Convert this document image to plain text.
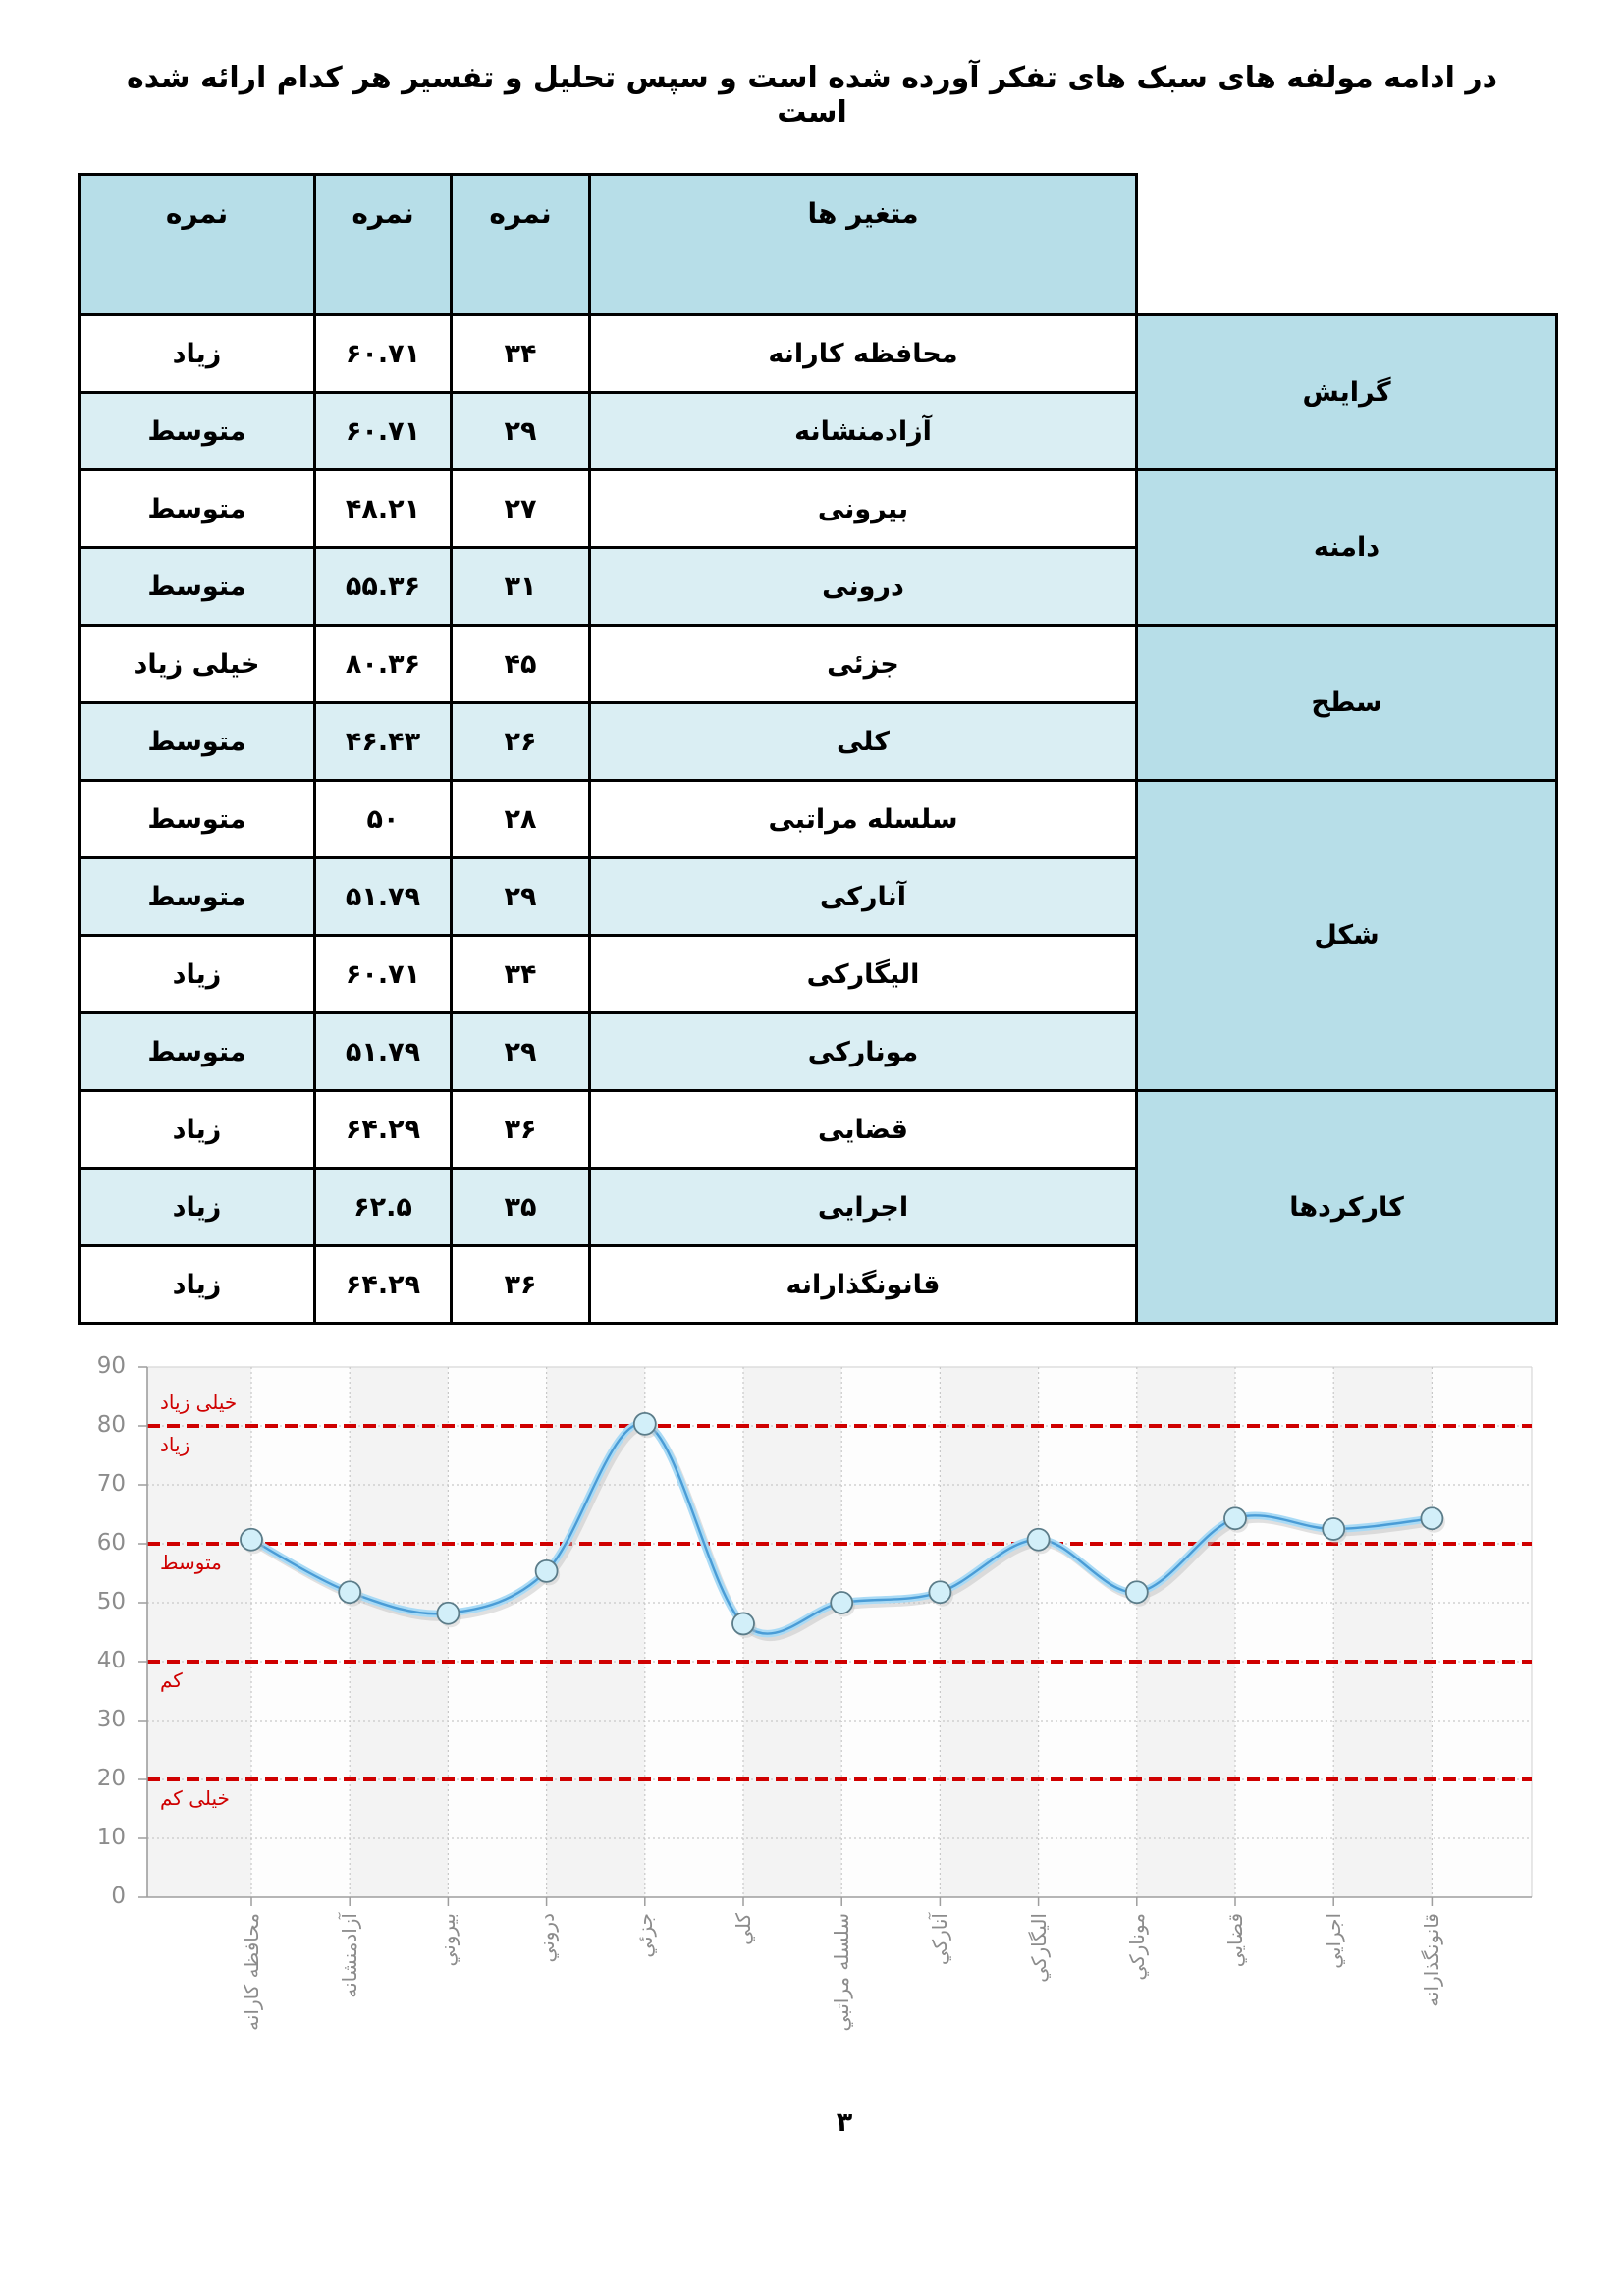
در ادامه مولفه های سبک های تفکر آورده شده است و سپس تحلیل و تفسیر هر کدام ارائه شده است
	متغیر ها	نمره	نمره	نمره
گرایش	محافظه کارانه	۳۴	۶۰.۷۱	زیاد
	آزادمنشانه	۲۹	۶۰.۷۱	متوسط
دامنه	بیرونی	۲۷	۴۸.۲۱	متوسط
	درونی	۳۱	۵۵.۳۶	متوسط
سطح	جزئی	۴۵	۸۰.۳۶	خیلی زیاد
	کلی	۲۶	۴۶.۴۳	متوسط
شکل	سلسله مراتبی	۲۸	۵۰	متوسط
	آنارکی	۲۹	۵۱.۷۹	متوسط
	الیگارکی	۳۴	۶۰.۷۱	زیاد
	مونارکی	۲۹	۵۱.۷۹	متوسط
کارکردها	قضایی	۳۶	۶۴.۲۹	زیاد
	اجرایی	۳۵	۶۲.۵	زیاد
	قانونگذارانه	۳۶	۶۴.۲۹	زیاد
0
10
20
30
40
50
60
70
80
90
خیلی زیاد
زیاد
متوسط
کم
خیلی کم
محافظه كارانه	آزادمنشانه	بيروني	دروني	جزئي	كلي	سلسله مراتبي	آناركي	اليگاركي	موناركي	قضايي	اجرايي	قانونگذارانه
۳
